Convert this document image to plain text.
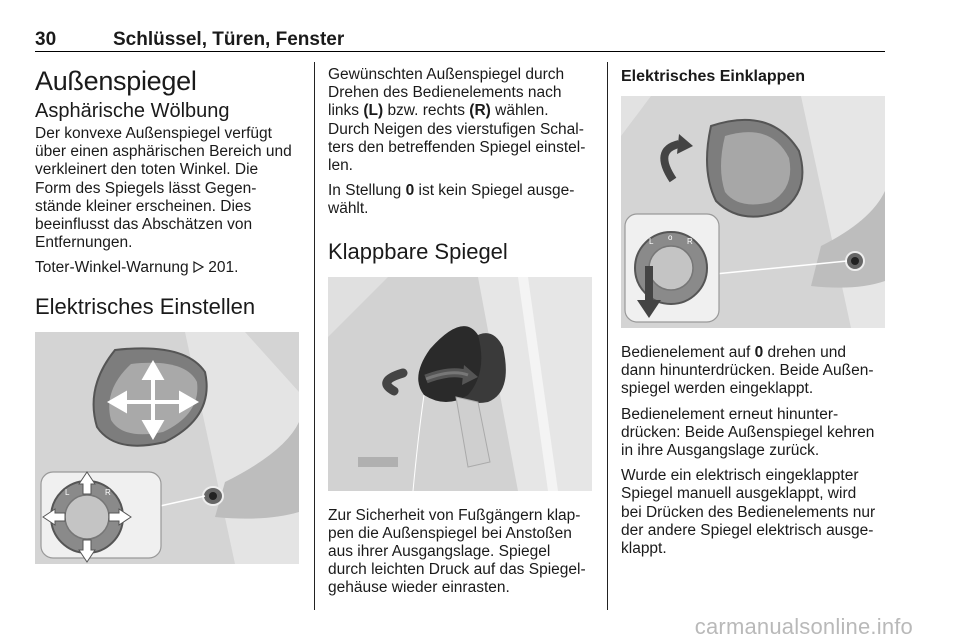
30	Schlüssel, Türen, Fenster
Außenspiegel
Asphärische Wölbung

Der konvexe Außenspiegel verfügt
über einen asphärischen Bereich und
verkleinert den toten Winkel. Die
Form des Spiegels lässt Gegen-
stände kleiner erscheinen. Dies
beeinflusst das Abschätzen von
Entfernungen.

Toter-Winkel-Warnung 201.

Elektrisches Einstellen
L	R

Gewünschten Außenspiegel durch
Drehen des Bedienelements nach
links (L) bzw. rechts (R) wählen.
Durch Neigen des vierstufigen Schal-
ters den betreffenden Spiegel einstel-
len.

In Stellung 0 ist kein Spiegel ausge-
wählt.

Klappbare Spiegel

Zur Sicherheit von Fußgängern klap-
pen die Außenspiegel bei Anstoßen
aus ihrer Ausgangslage. Spiegel
durch leichten Druck auf das Spiegel-
gehäuse wieder einrasten.

Elektrisches Einklappen
L o R

Bedienelement auf 0 drehen und
dann hinunterdrücken. Beide Außen-
spiegel werden eingeklappt.

Bedienelement erneut hinunter-
drücken: Beide Außenspiegel kehren
in ihre Ausgangslage zurück.

Wurde ein elektrisch eingeklappter
Spiegel manuell ausgeklappt, wird
bei Drücken des Bedienelements nur
der andere Spiegel elektrisch ausge-
klappt.

carmanualsonline.info
